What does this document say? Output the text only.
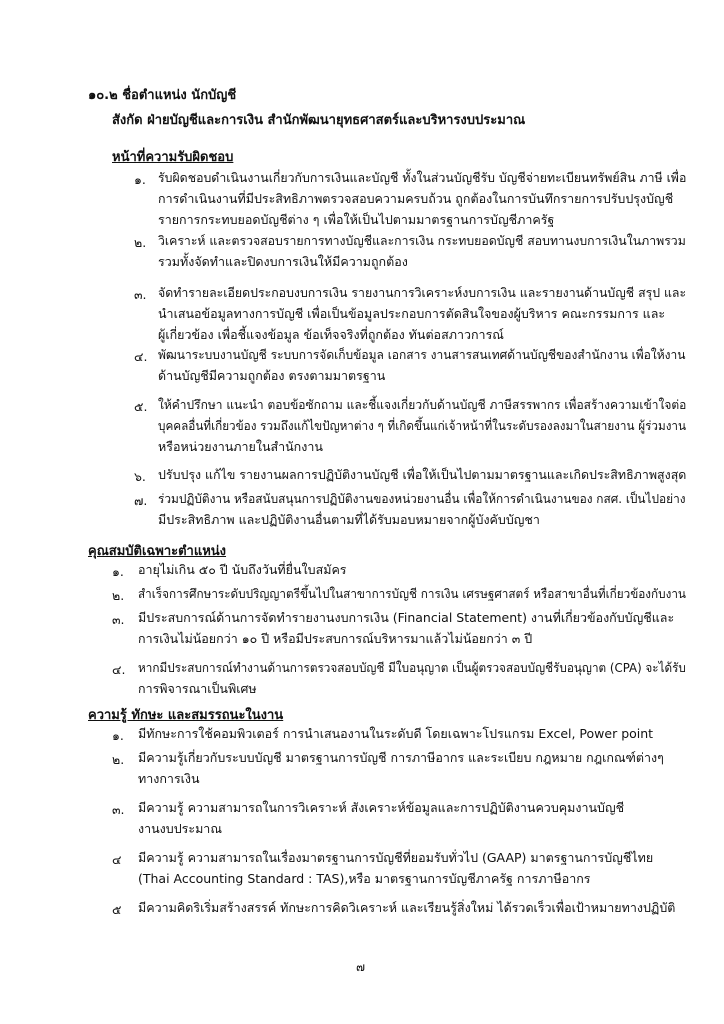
๑๐.๒ ชื่อตำแหน่ง นักบัญชี
สังกัด ฝ่ายบัญชีและการเงิน สำนักพัฒนายุทธศาสตร์และบริหารงบประมาณ
หน้าที่ความรับผิดชอบ
๑. รับผิดชอบดำเนินงานเกี่ยวกับการเงินและบัญชี ทั้งในส่วนบัญชีรับ บัญชีจ่ายทะเบียนทรัพย์สิน ภาษี เพื่อ
การดำเนินงานที่มีประสิทธิภาพตรวจสอบความครบถ้วน ถูกต้องในการบันทึกรายการปรับปรุงบัญชี
รายการกระทบยอดบัญชีต่าง ๆ เพื่อให้เป็นไปตามมาตรฐานการบัญชีภาครัฐ
๒. วิเคราะห์ และตรวจสอบรายการทางบัญชีและการเงิน กระทบยอดบัญชี สอบทานงบการเงินในภาพรวม
รวมทั้งจัดทำและปิดงบการเงินให้มีความถูกต้อง
๓. จัดทำรายละเอียดประกอบงบการเงิน รายงานการวิเคราะห์งบการเงิน และรายงานด้านบัญชี สรุป และ
นำเสนอข้อมูลทางการบัญชี เพื่อเป็นข้อมูลประกอบการตัดสินใจของผู้บริหาร คณะกรรมการ และ
ผู้เกี่ยวข้อง เพื่อชี้แจงข้อมูล ข้อเท็จจริงที่ถูกต้อง ทันต่อสภาวการณ์
๔. พัฒนาระบบงานบัญชี ระบบการจัดเก็บข้อมูล เอกสาร งานสารสนเทศด้านบัญชีของสำนักงาน เพื่อให้งาน
ด้านบัญชีมีความถูกต้อง ตรงตามมาตรฐาน
๕. ให้คำปรึกษา แนะนำ ตอบข้อซักถาม และชี้แจงเกี่ยวกับด้านบัญชี ภาษีสรรพากร เพื่อสร้างความเข้าใจต่อ
บุคคลอื่นที่เกี่ยวข้อง รวมถึงแก้ไขปัญหาต่าง ๆ ที่เกิดขึ้นแก่เจ้าหน้าที่ในระดับรองลงมาในสายงาน ผู้ร่วมงาน
หรือหน่วยงานภายในสำนักงาน
๖. ปรับปรุง แก้ไข รายงานผลการปฏิบัติงานบัญชี เพื่อให้เป็นไปตามมาตรฐานและเกิดประสิทธิภาพสูงสุด
๗. ร่วมปฏิบัติงาน หรือสนับสนุนการปฏิบัติงานของหน่วยงานอื่น เพื่อให้การดำเนินงานของ กสศ. เป็นไปอย่าง
มีประสิทธิภาพ และปฏิบัติงานอื่นตามที่ได้รับมอบหมายจากผู้บังคับบัญชา
คุณสมบัติเฉพาะตำแหน่ง
๑. อายุไม่เกิน ๕๐ ปี นับถึงวันที่ยื่นใบสมัคร
๒. สำเร็จการศึกษาระดับปริญญาตรีขึ้นไปในสาขาการบัญชี การเงิน เศรษฐศาสตร์ หรือสาขาอื่นที่เกี่ยวข้องกับงาน
๓. มีประสบการณ์ด้านการจัดทำรายงานงบการเงิน (Financial Statement) งานที่เกี่ยวข้องกับบัญชีและ
การเงินไม่น้อยกว่า ๑๐ ปี หรือมีประสบการณ์บริหารมาแล้วไม่น้อยกว่า ๓ ปี
๔. หากมีประสบการณ์ทำงานด้านการตรวจสอบบัญชี มีใบอนุญาต เป็นผู้ตรวจสอบบัญชีรับอนุญาต (CPA) จะได้รับ
การพิจารณาเป็นพิเศษ
ความรู้ ทักษะ และสมรรถนะในงาน
๑. มีทักษะการใช้คอมพิวเตอร์ การนำเสนองานในระดับดี โดยเฉพาะโปรแกรม Excel, Power point
๒. มีความรู้เกี่ยวกับระบบบัญชี มาตรฐานการบัญชี การภาษีอากร และระเบียบ กฎหมาย กฎเกณฑ์ต่างๆ
ทางการเงิน
๓. มีความรู้ ความสามารถในการวิเคราะห์ สังเคราะห์ข้อมูลและการปฏิบัติงานควบคุมงานบัญชี
งานงบประมาณ
๔ มีความรู้ ความสามารถในเรื่องมาตรฐานการบัญชีที่ยอมรับทั่วไป (GAAP) มาตรฐานการบัญชีไทย
(Thai Accounting Standard : TAS),หรือ มาตรฐานการบัญชีภาครัฐ การภาษีอากร
๕ มีความคิดริเริ่มสร้างสรรค์ ทักษะการคิดวิเคราะห์ และเรียนรู้สิ่งใหม่ ได้รวดเร็วเพื่อเป้าหมายทางปฏิบัติ
๗
